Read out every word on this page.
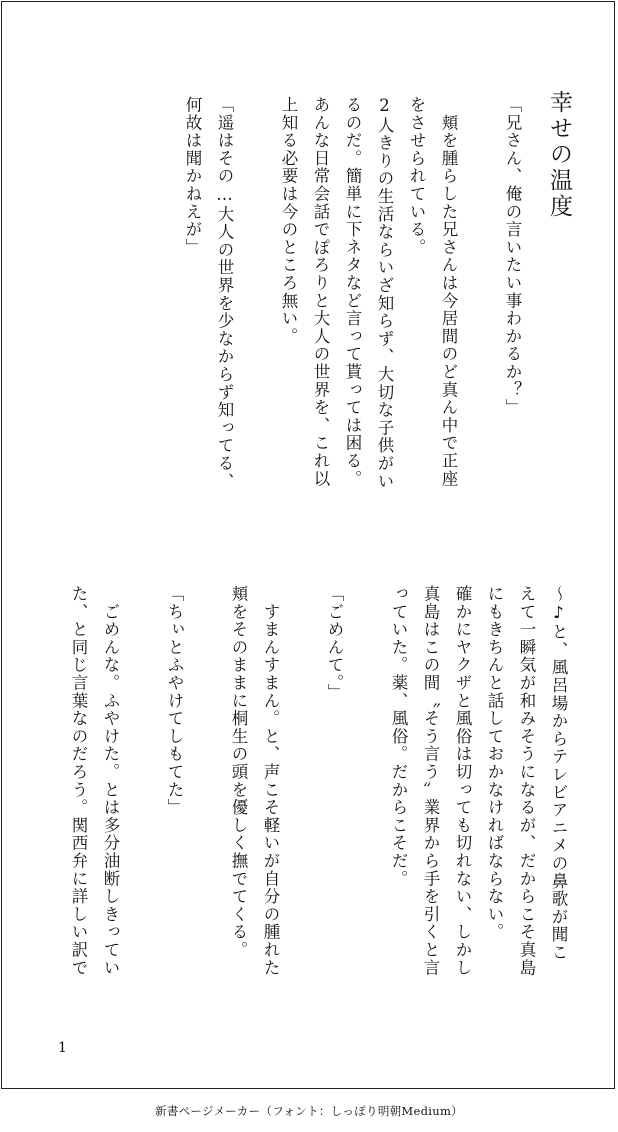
幸せの温度
「兄さん、俺の言いたい事わかるか？」

　頬を腫らした兄さんは今居間のど真ん中で正座
をさせられている。
2人きりの生活ならいざ知らず、大切な子供がい
るのだ。簡単に下ネタなど言って貰っては困る。
あんな日常会話でぽろりと大人の世界を、これ以
上知る必要は今のところ無い。

「遥はその…大人の世界を少なからず知ってる、
何故は聞かねえが」
〜♪と、風呂場からテレビアニメの鼻歌が聞こ
えて一瞬気が和みそうになるが、だからこそ真島
にもきちんと話しておかなければならない。
確かにヤクザと風俗は切っても切れない、しかし
真島はこの間〝そう言う〟業界から手を引くと言
っていた。薬、風俗。だからこそだ。

「ごめんて。」

　すまんすまん。と、声こそ軽いが自分の腫れた
頬をそのままに桐生の頭を優しく撫でてくる。

「ちぃとふやけてしもてた」

　ごめんな。ふやけた。とは多分油断しきってい
た、と同じ言葉なのだろう。関西弁に詳しい訳で
1
新書ページメーカー（フォント：しっぽり明朝Medium）
